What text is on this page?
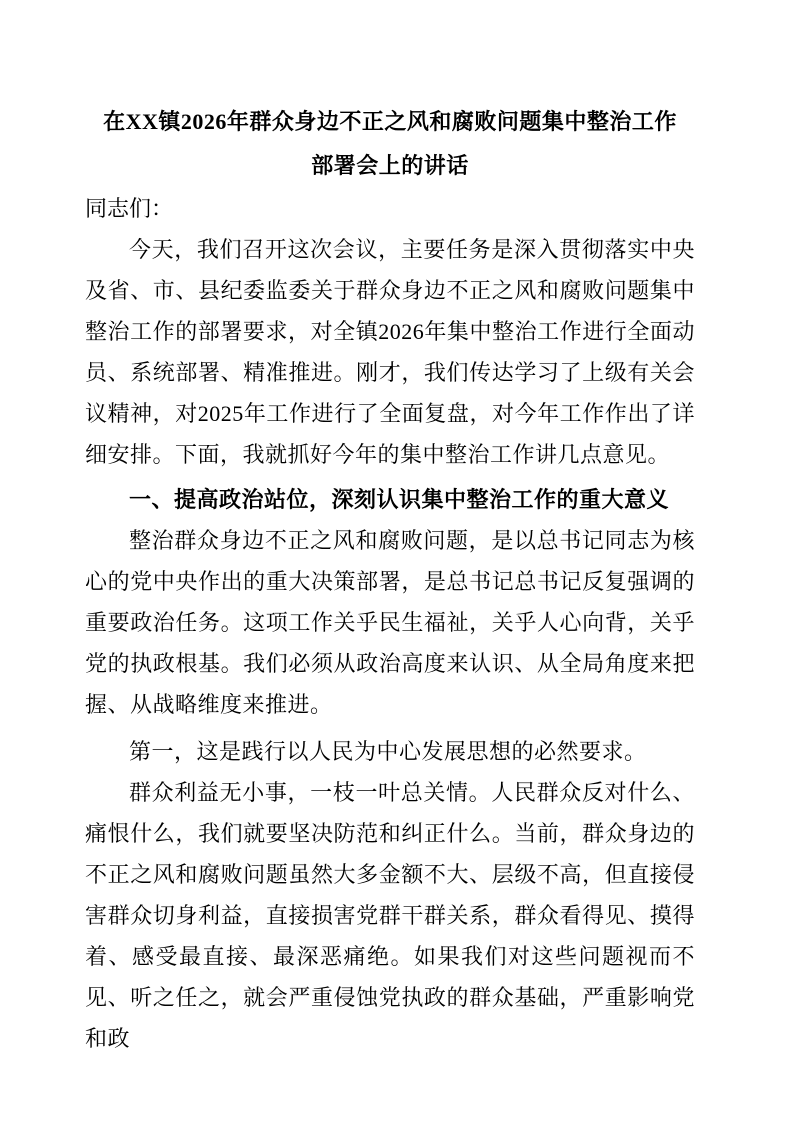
在XX镇2026年群众身边不正之风和腐败问题集中整治工作部署会上的讲话

同志们：

今天，我们召开这次会议，主要任务是深入贯彻落实中央及省、市、县纪委监委关于群众身边不正之风和腐败问题集中整治工作的部署要求，对全镇2026年集中整治工作进行全面动员、系统部署、精准推进。刚才，我们传达学习了上级有关会议精神，对2025年工作进行了全面复盘，对今年工作作出了详细安排。下面，我就抓好今年的集中整治工作讲几点意见。

一、提高政治站位，深刻认识集中整治工作的重大意义

整治群众身边不正之风和腐败问题，是以总书记同志为核心的党中央作出的重大决策部署，是总书记总书记反复强调的重要政治任务。这项工作关乎民生福祉，关乎人心向背，关乎党的执政根基。我们必须从政治高度来认识、从全局角度来把握、从战略维度来推进。

第一，这是践行以人民为中心发展思想的必然要求。

群众利益无小事，一枝一叶总关情。人民群众反对什么、痛恨什么，我们就要坚决防范和纠正什么。当前，群众身边的不正之风和腐败问题虽然大多金额不大、层级不高，但直接侵害群众切身利益，直接损害党群干群关系，群众看得见、摸得着、感受最直接、最深恶痛绝。如果我们对这些问题视而不见、听之任之，就会严重侵蚀党执政的群众基础，严重影响党和政
